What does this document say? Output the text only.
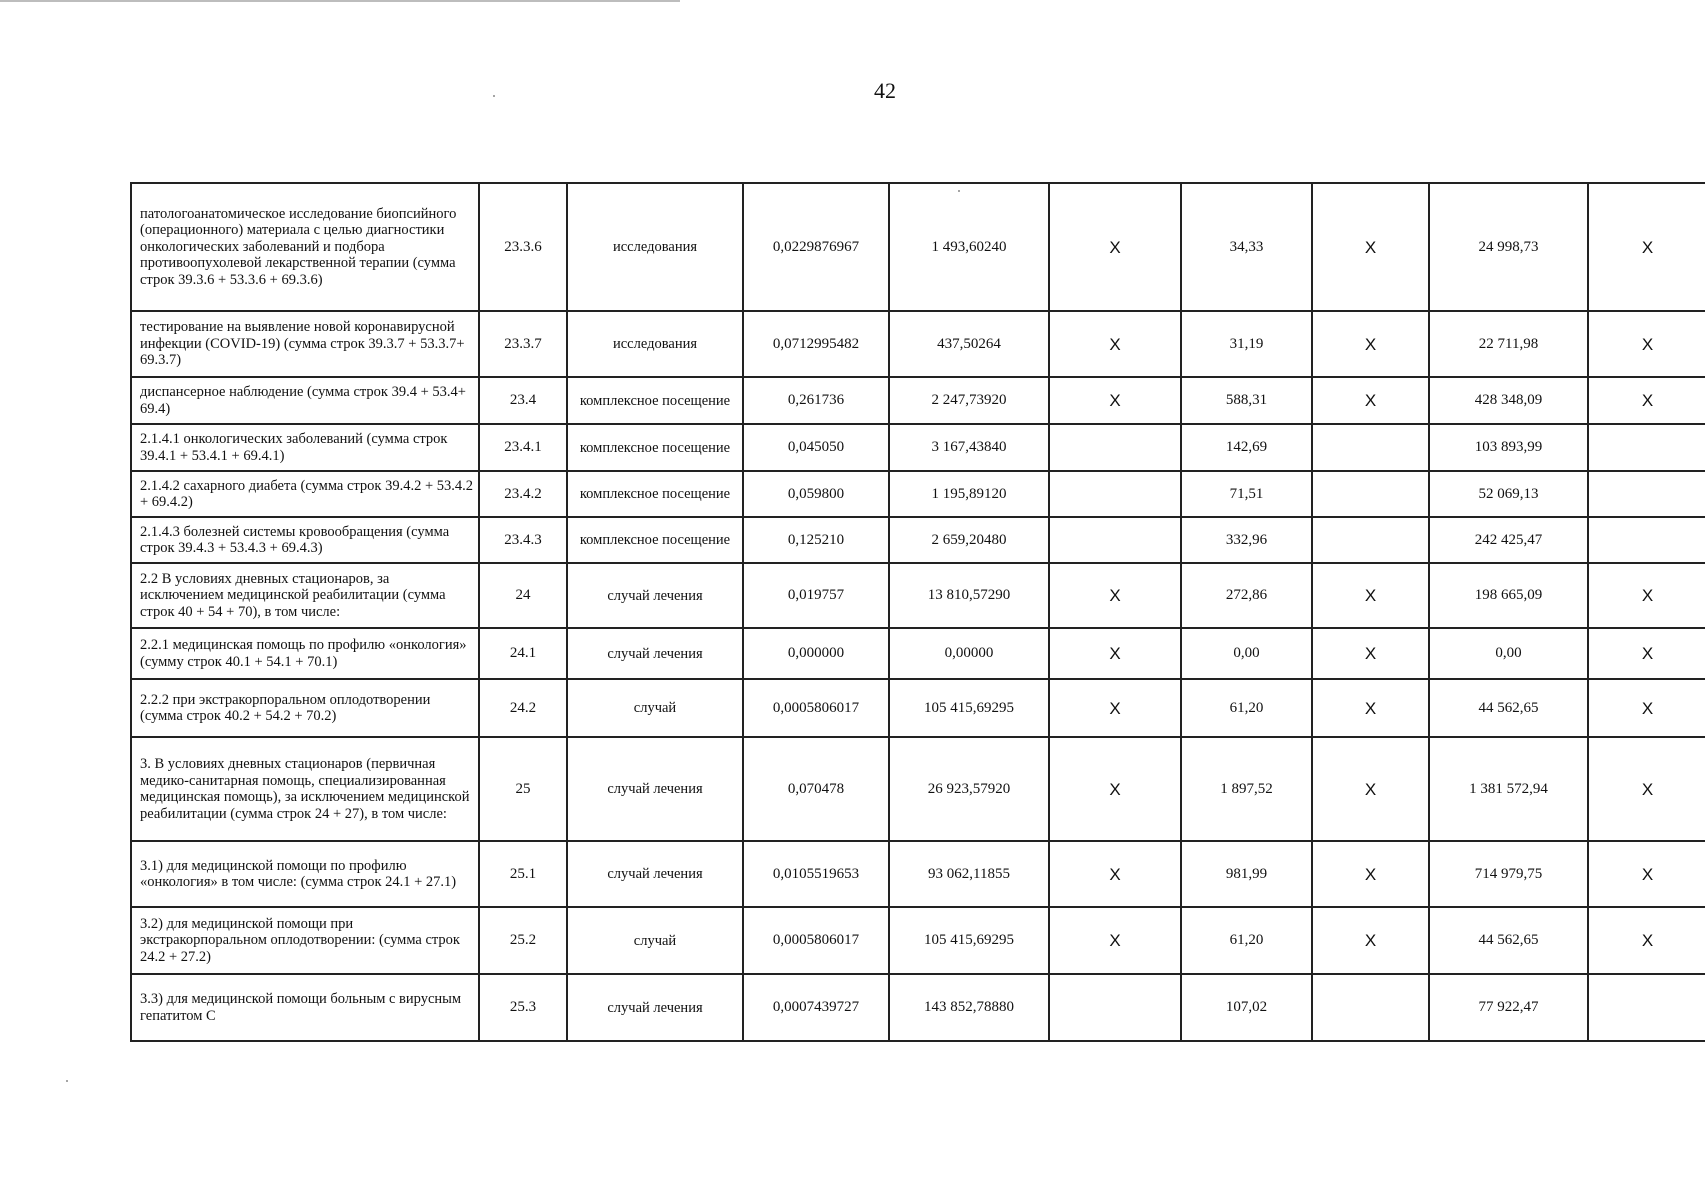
42
патологоанатомическое исследование биопсийного (операционного) материала с целью диагностики онкологических заболеваний и подбора противоопухолевой лекарственной терапии (сумма строк 39.3.6 + 53.3.6 + 69.3.6)	23.3.6	исследования	0,0229876967	1 493,60240	X	34,33	X	24 998,73	X
тестирование на выявление новой коронавирусной инфекции (COVID-19) (сумма строк 39.3.7 + 53.3.7+ 69.3.7)	23.3.7	исследования	0,0712995482	437,50264	X	31,19	X	22 711,98	X
диспансерное наблюдение (сумма строк 39.4 + 53.4+ 69.4)	23.4	комплексное посещение	0,261736	2 247,73920	X	588,31	X	428 348,09	X
2.1.4.1 онкологических заболеваний (сумма строк 39.4.1 + 53.4.1 + 69.4.1)	23.4.1	комплексное посещение	0,045050	3 167,43840		142,69		103 893,99	
2.1.4.2 сахарного диабета (сумма строк 39.4.2 + 53.4.2 + 69.4.2)	23.4.2	комплексное посещение	0,059800	1 195,89120		71,51		52 069,13	
2.1.4.3 болезней системы кровообращения (сумма строк 39.4.3 + 53.4.3 + 69.4.3)	23.4.3	комплексное посещение	0,125210	2 659,20480		332,96		242 425,47	
2.2 В условиях дневных стационаров, за исключением медицинской реабилитации (сумма строк 40 + 54 + 70), в том числе:	24	случай лечения	0,019757	13 810,57290	X	272,86	X	198 665,09	X
2.2.1 медицинская помощь по профилю «онкология» (сумму строк 40.1 + 54.1 + 70.1)	24.1	случай лечения	0,000000	0,00000	X	0,00	X	0,00	X
2.2.2 при экстракорпоральном оплодотворении (сумма строк 40.2 + 54.2 + 70.2)	24.2	случай	0,0005806017	105 415,69295	X	61,20	X	44 562,65	X
3. В условиях дневных стационаров (первичная медико-санитарная помощь, специализированная медицинская помощь), за исключением медицинской реабилитации (сумма строк 24 + 27), в том числе:	25	случай лечения	0,070478	26 923,57920	X	1 897,52	X	1 381 572,94	X
3.1) для медицинской помощи по профилю «онкология» в том числе: (сумма строк 24.1 + 27.1)	25.1	случай лечения	0,0105519653	93 062,11855	X	981,99	X	714 979,75	X
3.2) для медицинской помощи при экстракорпоральном оплодотворении: (сумма строк 24.2 + 27.2)	25.2	случай	0,0005806017	105 415,69295	X	61,20	X	44 562,65	X
3.3) для медицинской помощи больным с вирусным гепатитом С	25.3	случай лечения	0,0007439727	143 852,78880		107,02		77 922,47	
